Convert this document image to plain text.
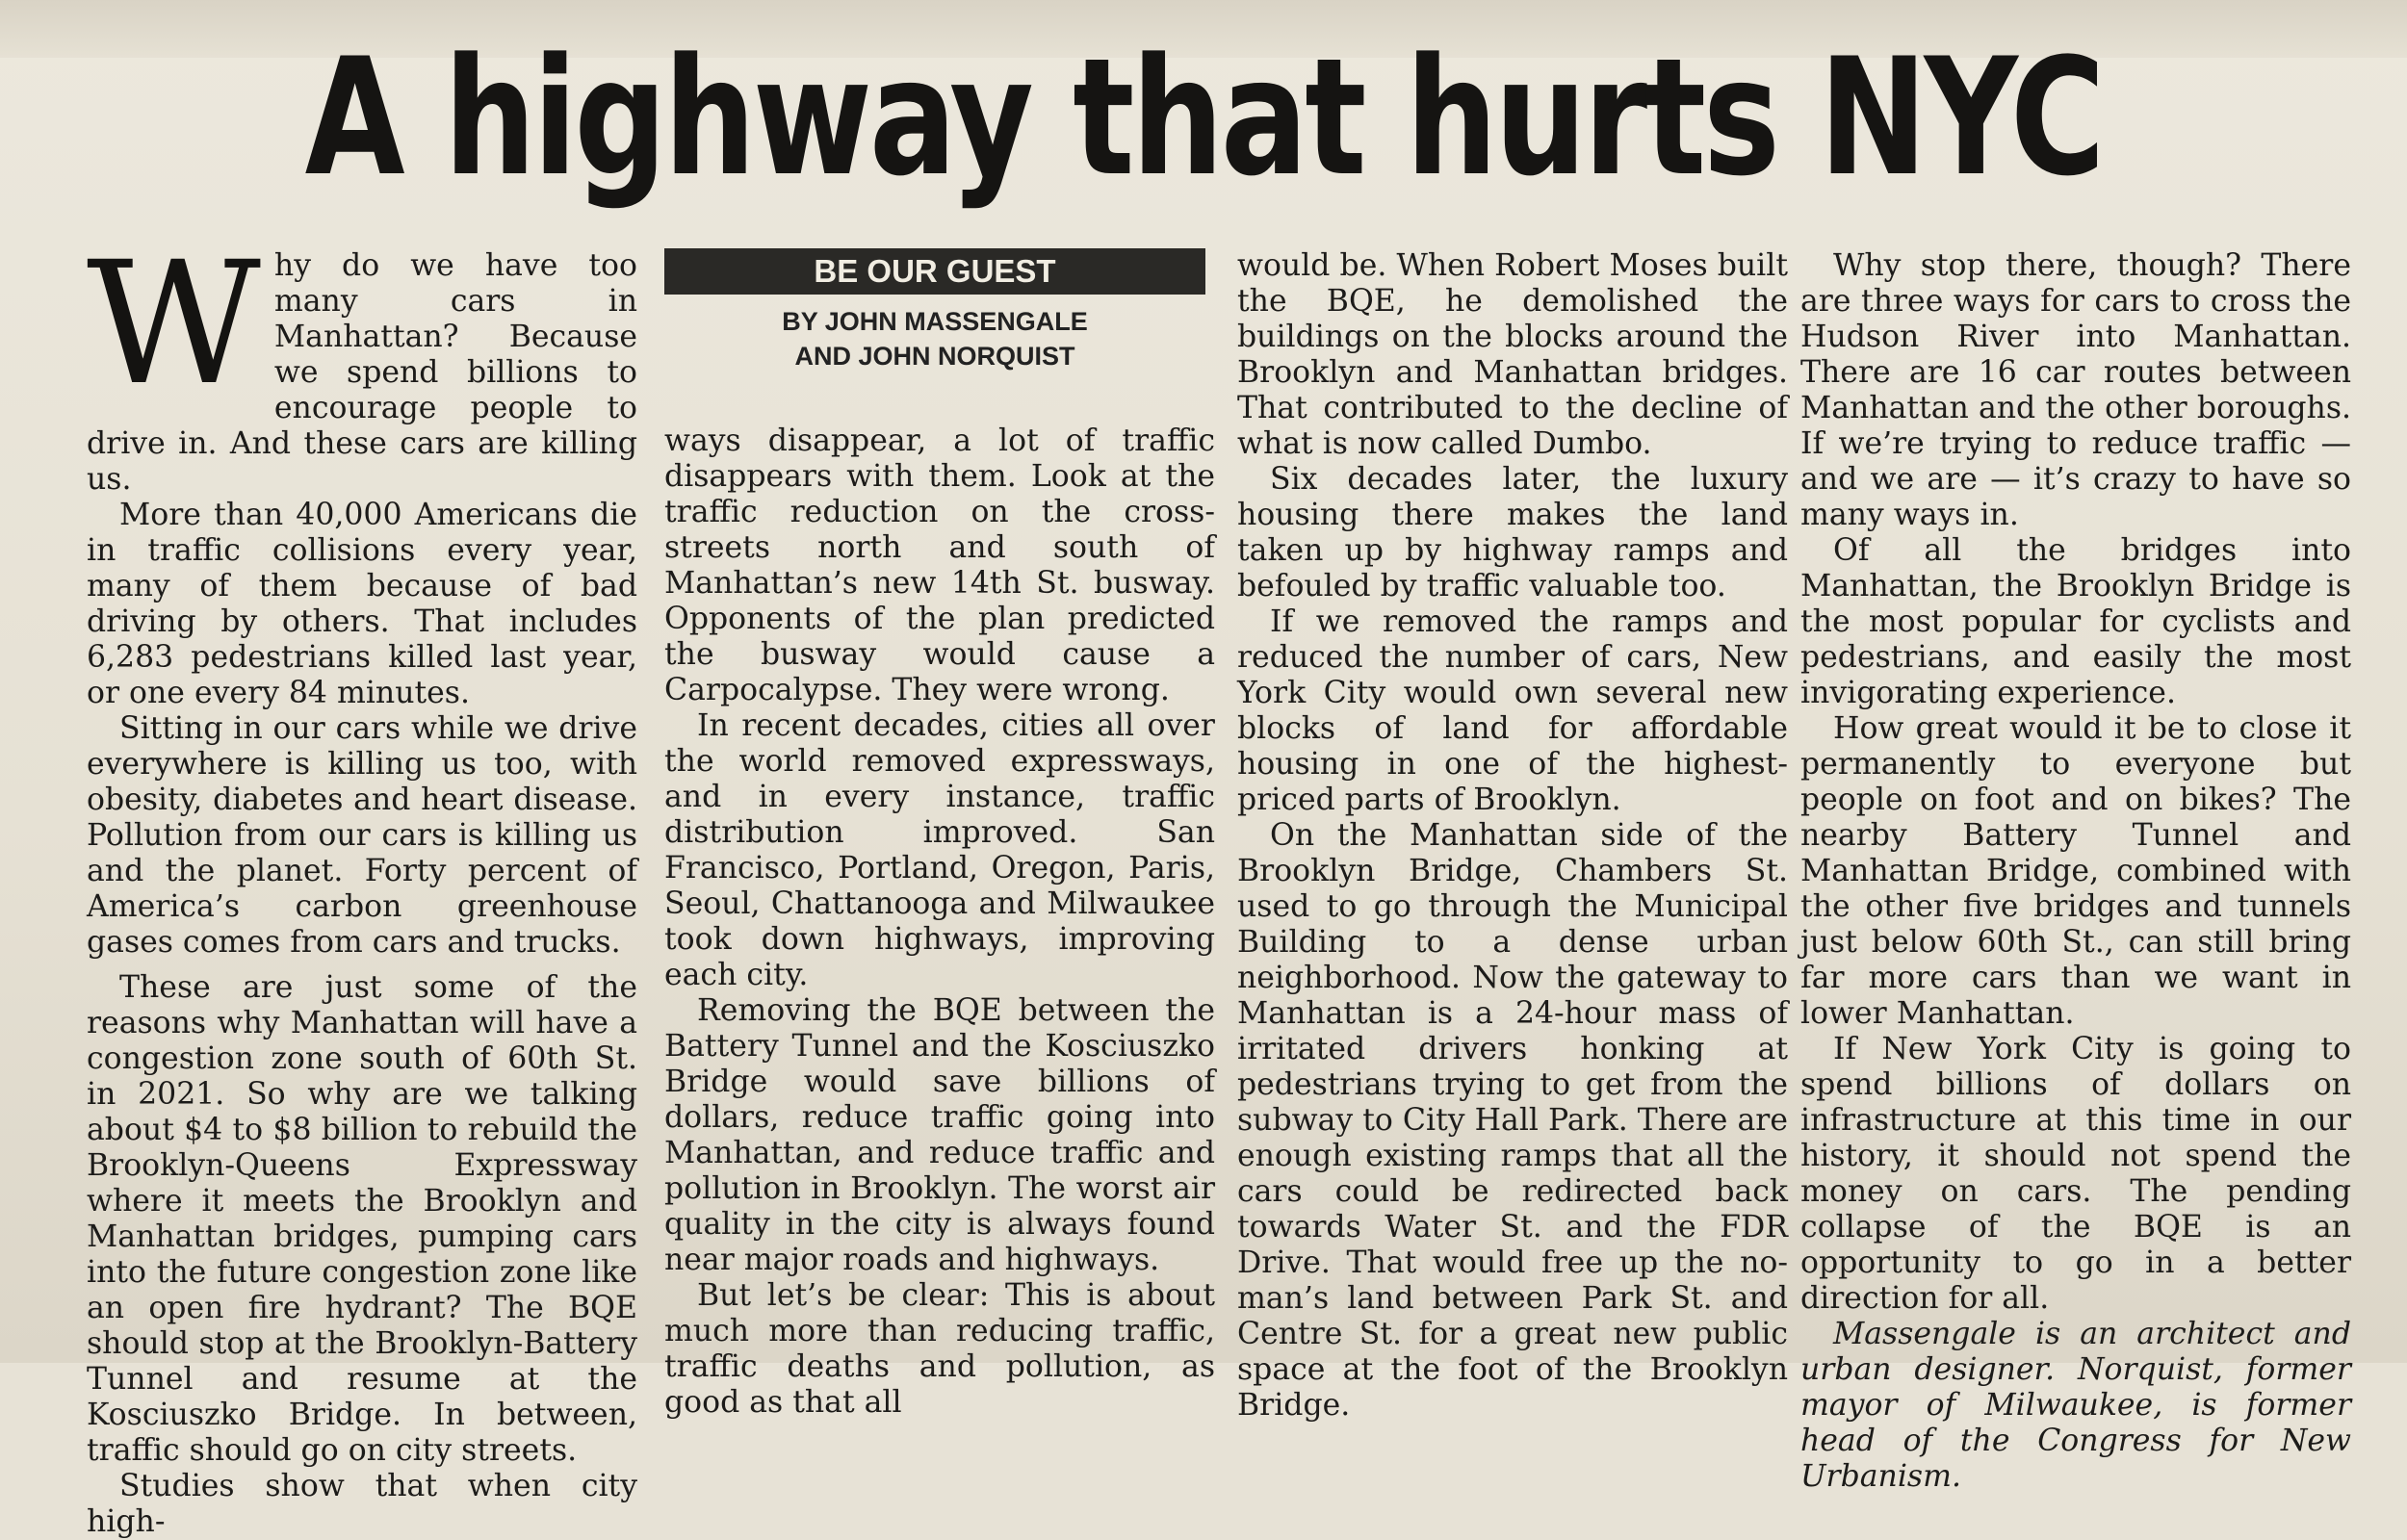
A highway that hurts NYC

Why do we have too many cars in Manhattan? Because we spend billions to encourage people to drive in. And these cars are killing us.

More than 40,000 Americans die in traffic collisions every year, many of them because of bad driving by others. That includes 6,283 pedestrians killed last year, or one every 84 minutes.

Sitting in our cars while we drive everywhere is killing us too, with obesity, diabetes and heart disease. Pollution from our cars is killing us and the planet. Forty percent of America’s carbon greenhouse gases comes from cars and trucks.

These are just some of the reasons why Manhattan will have a congestion zone south of 60th St. in 2021. So why are we talking about $4 to $8 billion to rebuild the Brooklyn-Queens Expressway where it meets the Brooklyn and Manhattan bridges, pumping cars into the future congestion zone like an open fire hydrant? The BQE should stop at the Brooklyn-Battery Tunnel and resume at the Kosciuszko Bridge. In between, traffic should go on city streets.

Studies show that when city high-

BE OUR GUEST
BY JOHN MASSENGALE
AND JOHN NORQUIST

ways disappear, a lot of traffic disappears with them. Look at the traffic reduction on the cross-streets north and south of Manhattan’s new 14th St. busway. Opponents of the plan predicted the busway would cause a Carpocalypse. They were wrong.

In recent decades, cities all over the world removed expressways, and in every instance, traffic distribution improved. San Francisco, Portland, Oregon, Paris, Seoul, Chattanooga and Milwaukee took down highways, improving each city.

Removing the BQE between the Battery Tunnel and the Kosciuszko Bridge would save billions of dollars, reduce traffic going into Manhattan, and reduce traffic and pollution in Brooklyn. The worst air quality in the city is always found near major roads and highways.

But let’s be clear: This is about much more than reducing traffic, traffic deaths and pollution, as good as that all

would be. When Robert Moses built the BQE, he demolished the buildings on the blocks around the Brooklyn and Manhattan bridges. That contributed to the decline of what is now called Dumbo.

Six decades later, the luxury housing there makes the land taken up by highway ramps and befouled by traffic valuable too.

If we removed the ramps and reduced the number of cars, New York City would own several new blocks of land for affordable housing in one of the highest-priced parts of Brooklyn.

On the Manhattan side of the Brooklyn Bridge, Chambers St. used to go through the Municipal Building to a dense urban neighborhood. Now the gateway to Manhattan is a 24-hour mass of irritated drivers honking at pedestrians trying to get from the subway to City Hall Park. There are enough existing ramps that all the cars could be redirected back towards Water St. and the FDR Drive. That would free up the no-man’s land between Park St. and Centre St. for a great new public space at the foot of the Brooklyn Bridge.

Why stop there, though? There are three ways for cars to cross the Hudson River into Manhattan. There are 16 car routes between Manhattan and the other boroughs. If we’re trying to reduce traffic — and we are — it’s crazy to have so many ways in.

Of all the bridges into Manhattan, the Brooklyn Bridge is the most popular for cyclists and pedestrians, and easily the most invigorating experience.

How great would it be to close it permanently to everyone but people on foot and on bikes? The nearby Battery Tunnel and Manhattan Bridge, combined with the other five bridges and tunnels just below 60th St., can still bring far more cars than we want in lower Manhattan.

If New York City is going to spend billions of dollars on infrastructure at this time in our history, it should not spend the money on cars. The pending collapse of the BQE is an opportunity to go in a better direction for all.

Massengale is an architect and urban designer. Norquist, former mayor of Milwaukee, is former head of the Congress for New Urbanism.
